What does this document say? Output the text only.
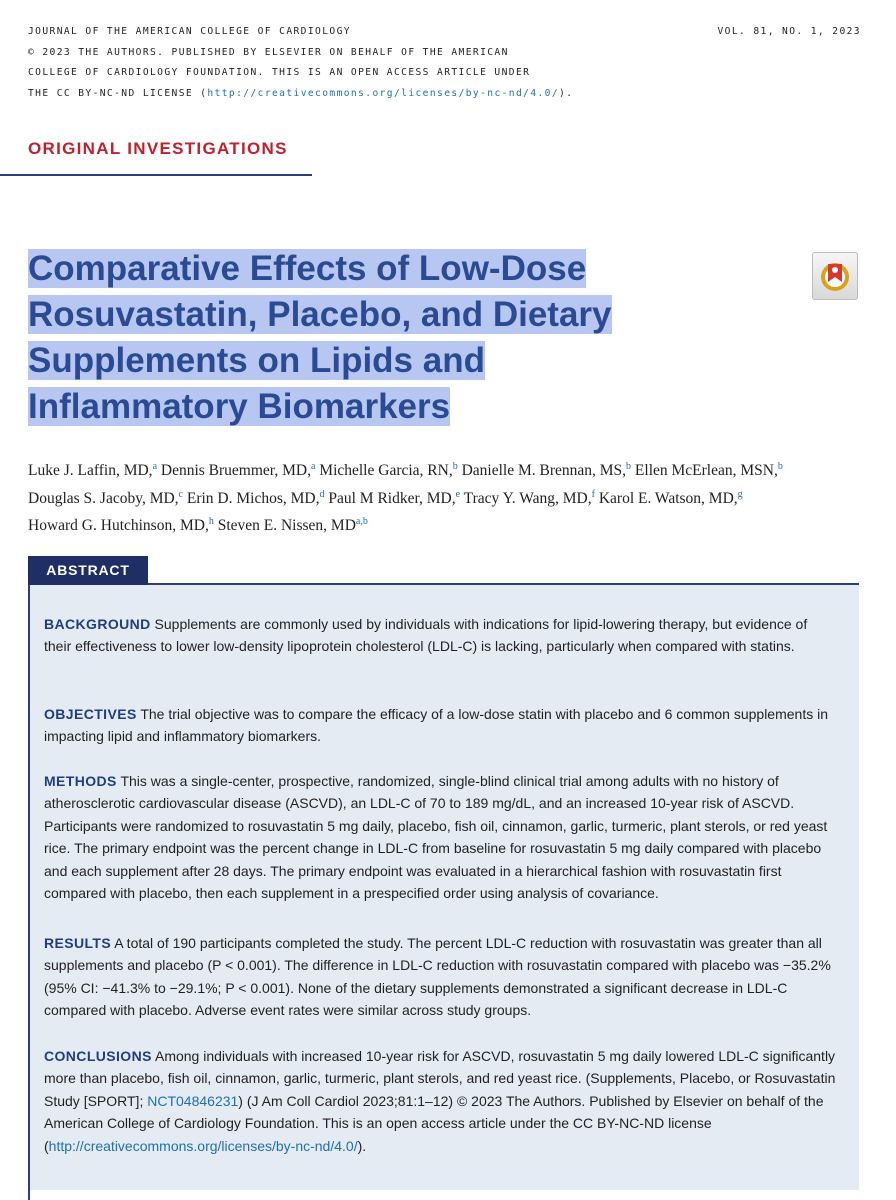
JOURNAL OF THE AMERICAN COLLEGE OF CARDIOLOGY
© 2023 THE AUTHORS. PUBLISHED BY ELSEVIER ON BEHALF OF THE AMERICAN
COLLEGE OF CARDIOLOGY FOUNDATION. THIS IS AN OPEN ACCESS ARTICLE UNDER
THE CC BY-NC-ND LICENSE (http://creativecommons.org/licenses/by-nc-nd/4.0/).
VOL. 81, NO. 1, 2023
ORIGINAL INVESTIGATIONS
Comparative Effects of Low-Dose
Rosuvastatin, Placebo, and Dietary
Supplements on Lipids and
Inflammatory Biomarkers
Luke J. Laffin, MD,$^a$ Dennis Bruemmer, MD,$^a$ Michelle Garcia, RN,$^b$ Danielle M. Brennan, MS,$^b$ Ellen McErlean, MSN,$^b$
Douglas S. Jacoby, MD,$^c$ Erin D. Michos, MD,$^d$ Paul M Ridker, MD,$^e$ Tracy Y. Wang, MD,$^f$ Karol E. Watson, MD,$^g$
Howard G. Hutchinson, MD,$^h$ Steven E. Nissen, MD$^{a,b}$
ABSTRACT

BACKGROUND Supplements are commonly used by individuals with indications for lipid-lowering therapy, but evidence of their effectiveness to lower low-density lipoprotein cholesterol (LDL-C) is lacking, particularly when compared with statins.

OBJECTIVES The trial objective was to compare the efficacy of a low-dose statin with placebo and 6 common supplements in impacting lipid and inflammatory biomarkers.

METHODS This was a single-center, prospective, randomized, single-blind clinical trial among adults with no history of atherosclerotic cardiovascular disease (ASCVD), an LDL-C of 70 to 189 mg/dL, and an increased 10-year risk of ASCVD. Participants were randomized to rosuvastatin 5 mg daily, placebo, fish oil, cinnamon, garlic, turmeric, plant sterols, or red yeast rice. The primary endpoint was the percent change in LDL-C from baseline for rosuvastatin 5 mg daily compared with placebo and each supplement after 28 days. The primary endpoint was evaluated in a hierarchical fashion with rosuvastatin first compared with placebo, then each supplement in a prespecified order using analysis of covariance.

RESULTS A total of 190 participants completed the study. The percent LDL-C reduction with rosuvastatin was greater than all supplements and placebo (P < 0.001). The difference in LDL-C reduction with rosuvastatin compared with placebo was −35.2% (95% CI: −41.3% to −29.1%; P < 0.001). None of the dietary supplements demonstrated a significant decrease in LDL-C compared with placebo. Adverse event rates were similar across study groups.

CONCLUSIONS Among individuals with increased 10-year risk for ASCVD, rosuvastatin 5 mg daily lowered LDL-C significantly more than placebo, fish oil, cinnamon, garlic, turmeric, plant sterols, and red yeast rice. (Supplements, Placebo, or Rosuvastatin Study [SPORT]; NCT04846231) (J Am Coll Cardiol 2023;81:1–12) © 2023 The Authors. Published by Elsevier on behalf of the American College of Cardiology Foundation. This is an open access article under the CC BY-NC-ND license (http://creativecommons.org/licenses/by-nc-nd/4.0/).
